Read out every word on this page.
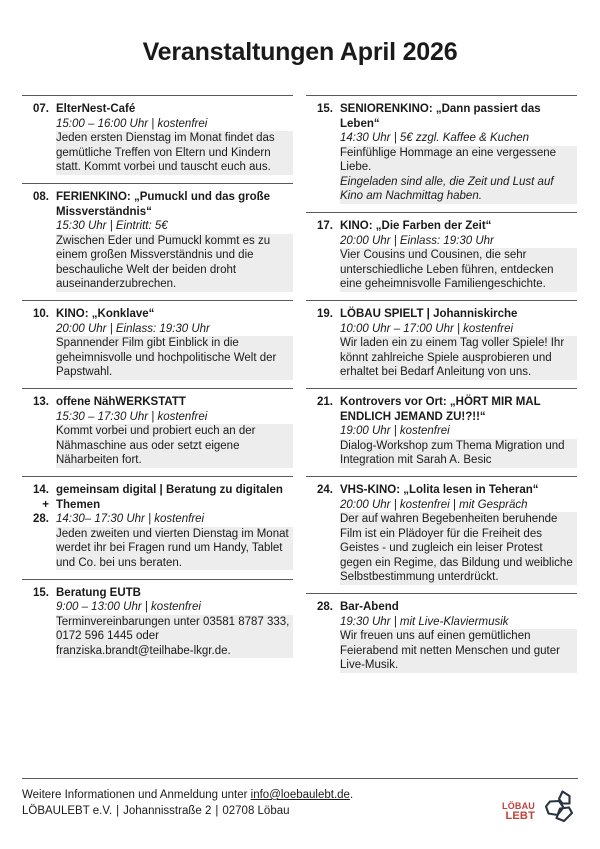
Veranstaltungen April 2026
07. ElterNest-Café
15:00 – 16:00 Uhr | kostenfrei
Jeden ersten Dienstag im Monat findet das gemütliche Treffen von Eltern und Kindern statt. Kommt vorbei und tauscht euch aus.
08. FERIENKINO: „Pumuckl und das große Missverständnis“
15:30 Uhr | Eintritt: 5€
Zwischen Eder und Pumuckl kommt es zu einem großen Missverständnis und die beschauliche Welt der beiden droht auseinanderzubrechen.
10. KINO: „Konklave“
20:00 Uhr | Einlass: 19:30 Uhr
Spannender Film gibt Einblick in die geheimnisvolle und hochpolitische Welt der Papstwahl.
13. offene NähWERKSTATT
15:30 – 17:30 Uhr | kostenfrei
Kommt vorbei und probiert euch an der Nähmaschine aus oder setzt eigene Näharbeiten fort.
14.
+
28.
gemeinsam digital | Beratung zu digitalen Themen
14:30– 17:30 Uhr | kostenfrei
Jeden zweiten und vierten Dienstag im Monat werdet ihr bei Fragen rund um Handy, Tablet und Co. bei uns beraten.
15. Beratung EUTB
9:00 – 13:00 Uhr | kostenfrei
Terminvereinbarungen unter 03581 8787 333, 0172 596 1445 oder franziska.brandt@teilhabe-lkgr.de.
15. SENIORENKINO: „Dann passiert das Leben“
14:30 Uhr | 5€ zzgl. Kaffee & Kuchen
Feinfühlige Hommage an eine vergessene Liebe.
Eingeladen sind alle, die Zeit und Lust auf Kino am Nachmittag haben.
17. KINO: „Die Farben der Zeit“
20:00 Uhr | Einlass: 19:30 Uhr
Vier Cousins und Cousinen, die sehr unterschiedliche Leben führen, entdecken eine geheimnisvolle Familiengeschichte.
19. LÖBAU SPIELT | Johanniskirche
10:00 Uhr – 17:00 Uhr | kostenfrei
Wir laden ein zu einem Tag voller Spiele! Ihr könnt zahlreiche Spiele ausprobieren und erhaltet bei Bedarf Anleitung von uns.
21. Kontrovers vor Ort: „HÖRT MIR MAL ENDLICH JEMAND ZU!?!!“
19:00 Uhr | kostenfrei
Dialog-Workshop zum Thema Migration und Integration mit Sarah A. Besic
24. VHS-KINO: „Lolita lesen in Teheran“
20:00 Uhr | kostenfrei | mit Gespräch
Der auf wahren Begebenheiten beruhende Film ist ein Plädoyer für die Freiheit des Geistes - und zugleich ein leiser Protest gegen ein Regime, das Bildung und weibliche Selbstbestimmung unterdrückt.
28. Bar-Abend
19:30 Uhr | mit Live-Klaviermusik
Wir freuen uns auf einen gemütlichen Feierabend mit netten Menschen und guter Live-Musik.
Weitere Informationen und Anmeldung unter info@loebaulebt.de.
LÖBAULEBT e.V. | Johannisstraße 2 | 02708 Löbau	LÖBAU
LEBT
